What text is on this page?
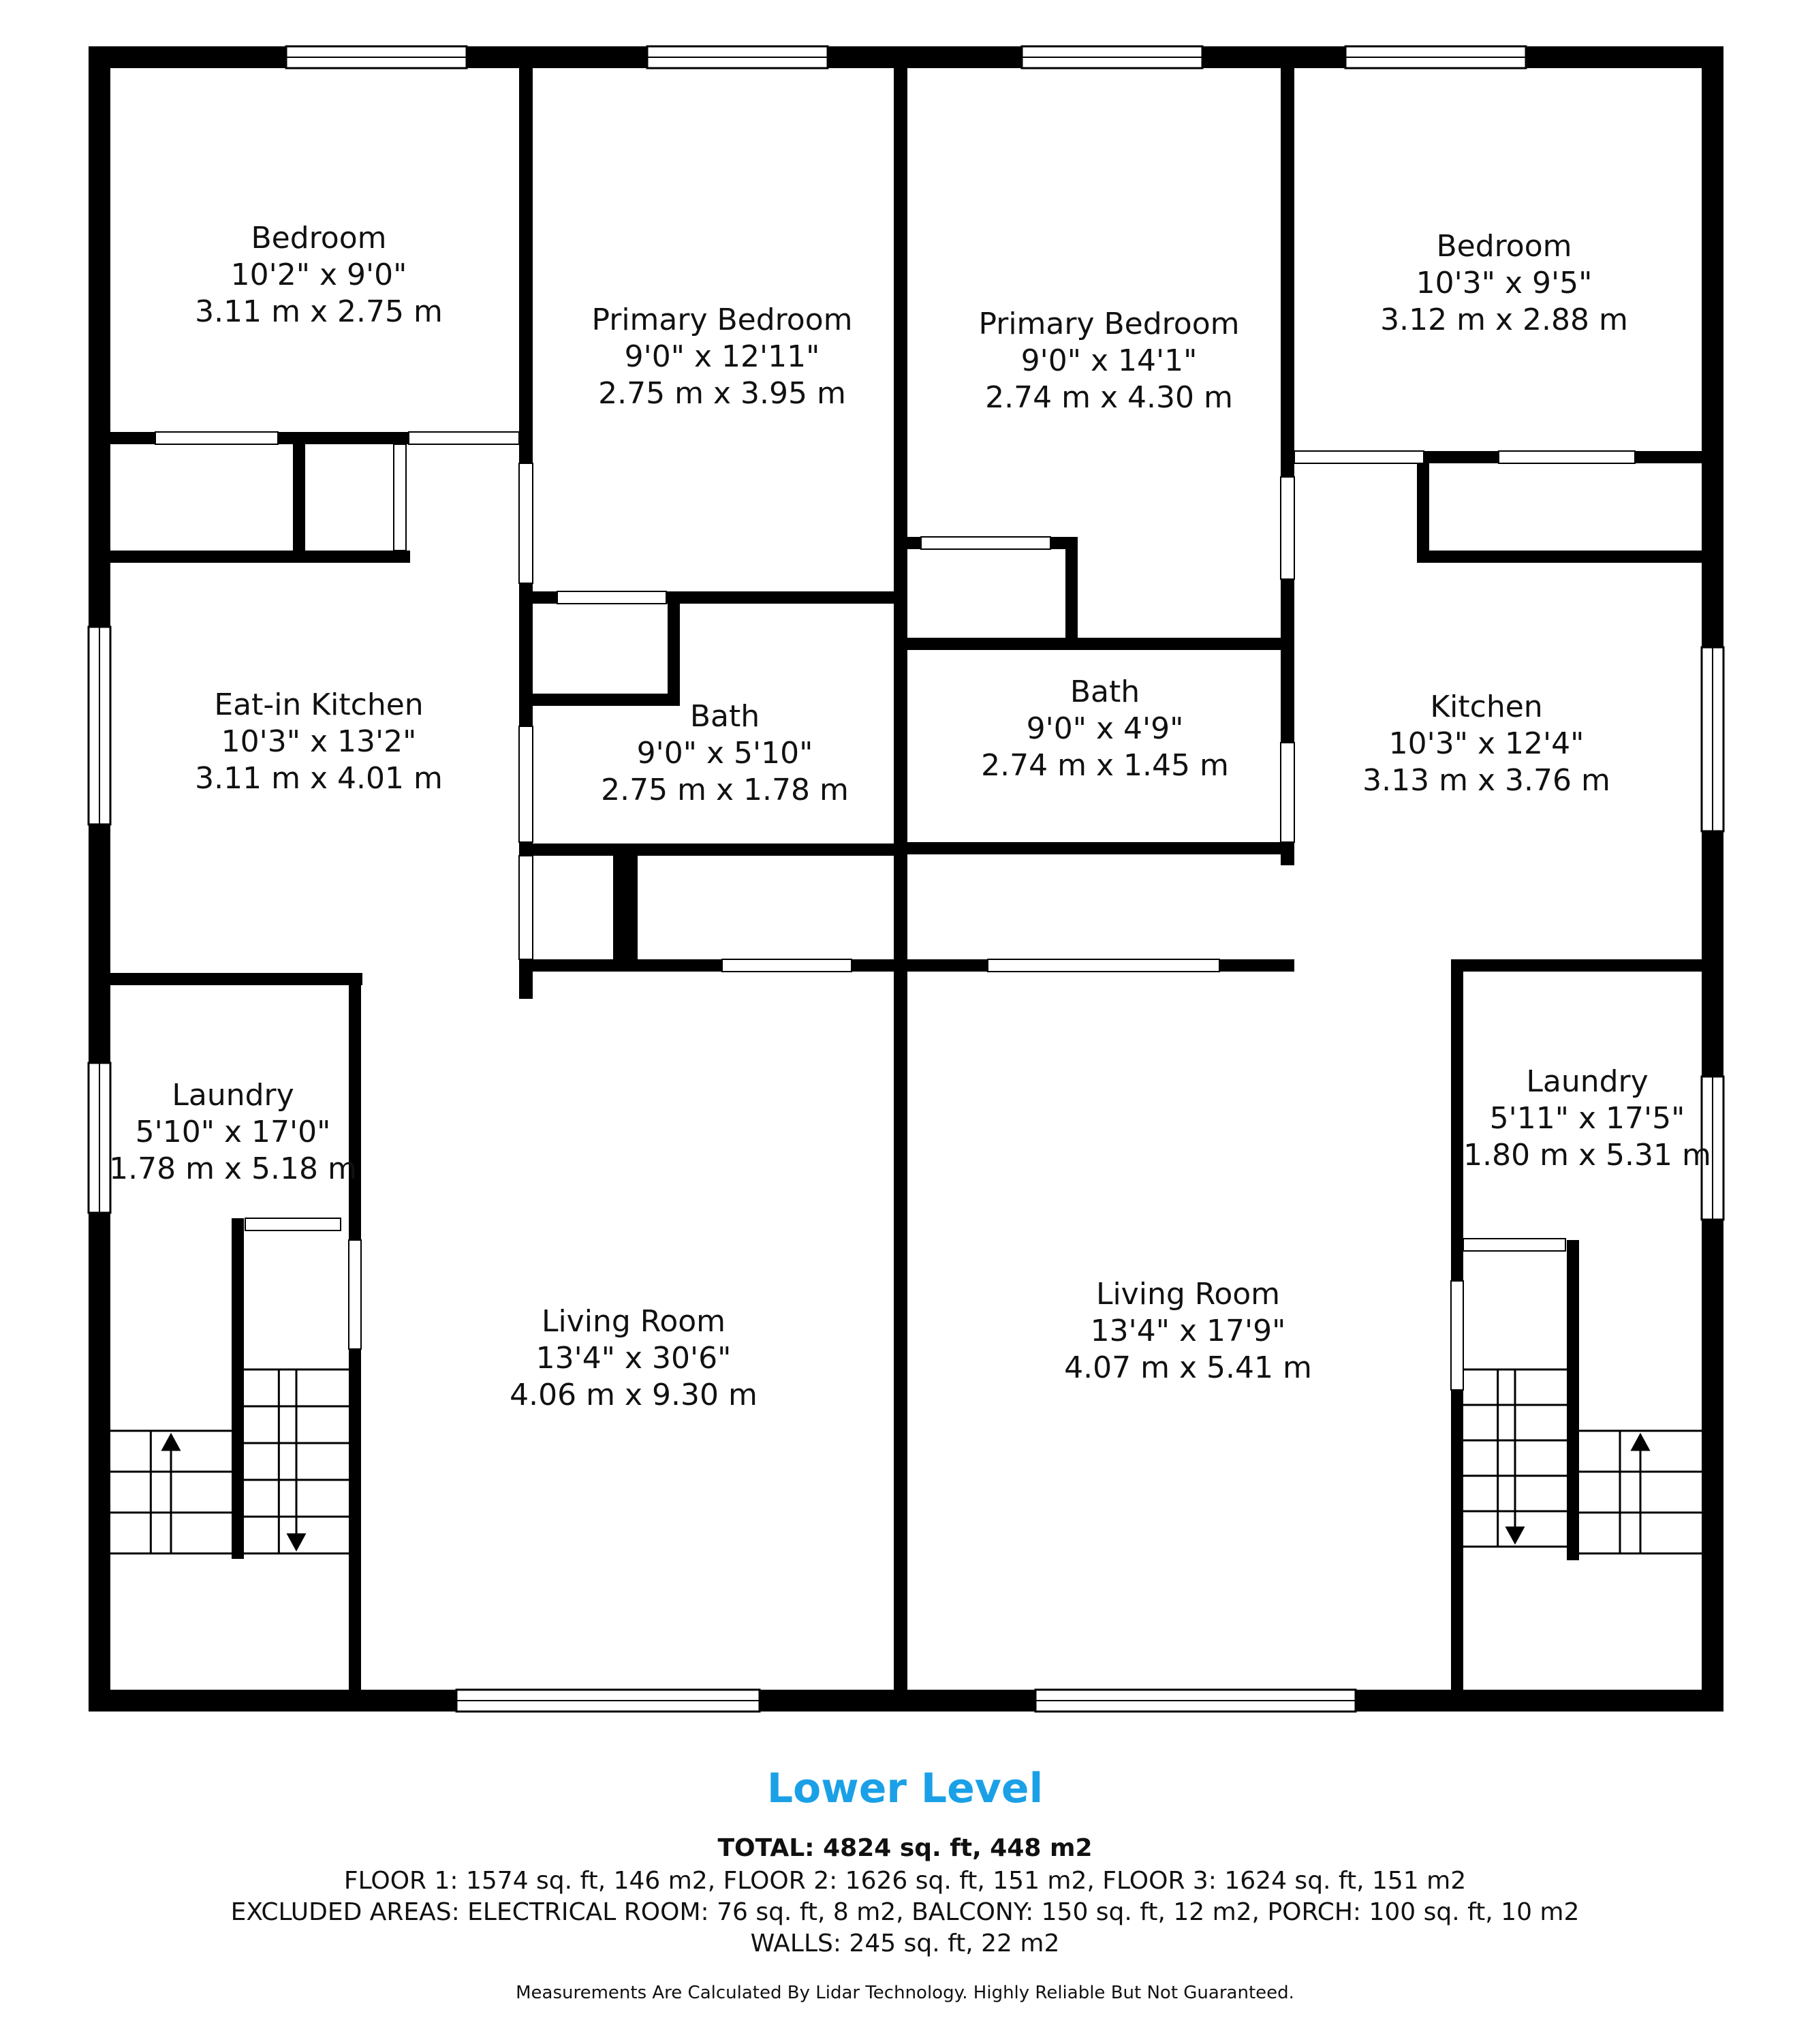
Bedroom
10'2" x 9'0"
3.11 m x 2.75 m	Primary Bedroom
9'0" x 12'11"
2.75 m x 3.95 m
Primary Bedroom
9'0" x 14'1"
2.74 m x 4.30 m
Bedroom
10'3" x 9'5"
3.12 m x 2.88 m
Eat-in Kitchen
10'3" x 13'2"
3.11 m x 4.01 m
Bath
9'0" x 5'10"
2.75 m x 1.78 m
Bath
9'0" x 4'9"
2.74 m x 1.45 m
Kitchen
10'3" x 12'4"
3.13 m x 3.76 m
Laundry
5'10" x 17'0"
1.78 m x 5.18 m
Laundry
5'11" x 17'5"
1.80 m x 5.31 m
Living Room
13'4" x 30'6"
4.06 m x 9.30 m
Living Room
13'4" x 17'9"
4.07 m x 5.41 m
Lower Level
TOTAL: 4824 sq. ft, 448 m2
FLOOR 1: 1574 sq. ft, 146 m2, FLOOR 2: 1626 sq. ft, 151 m2, FLOOR 3: 1624 sq. ft, 151 m2
EXCLUDED AREAS: ELECTRICAL ROOM: 76 sq. ft, 8 m2, BALCONY: 150 sq. ft, 12 m2, PORCH: 100 sq. ft, 10 m2
WALLS: 245 sq. ft, 22 m2
Measurements Are Calculated By Lidar Technology. Highly Reliable But Not Guaranteed.
